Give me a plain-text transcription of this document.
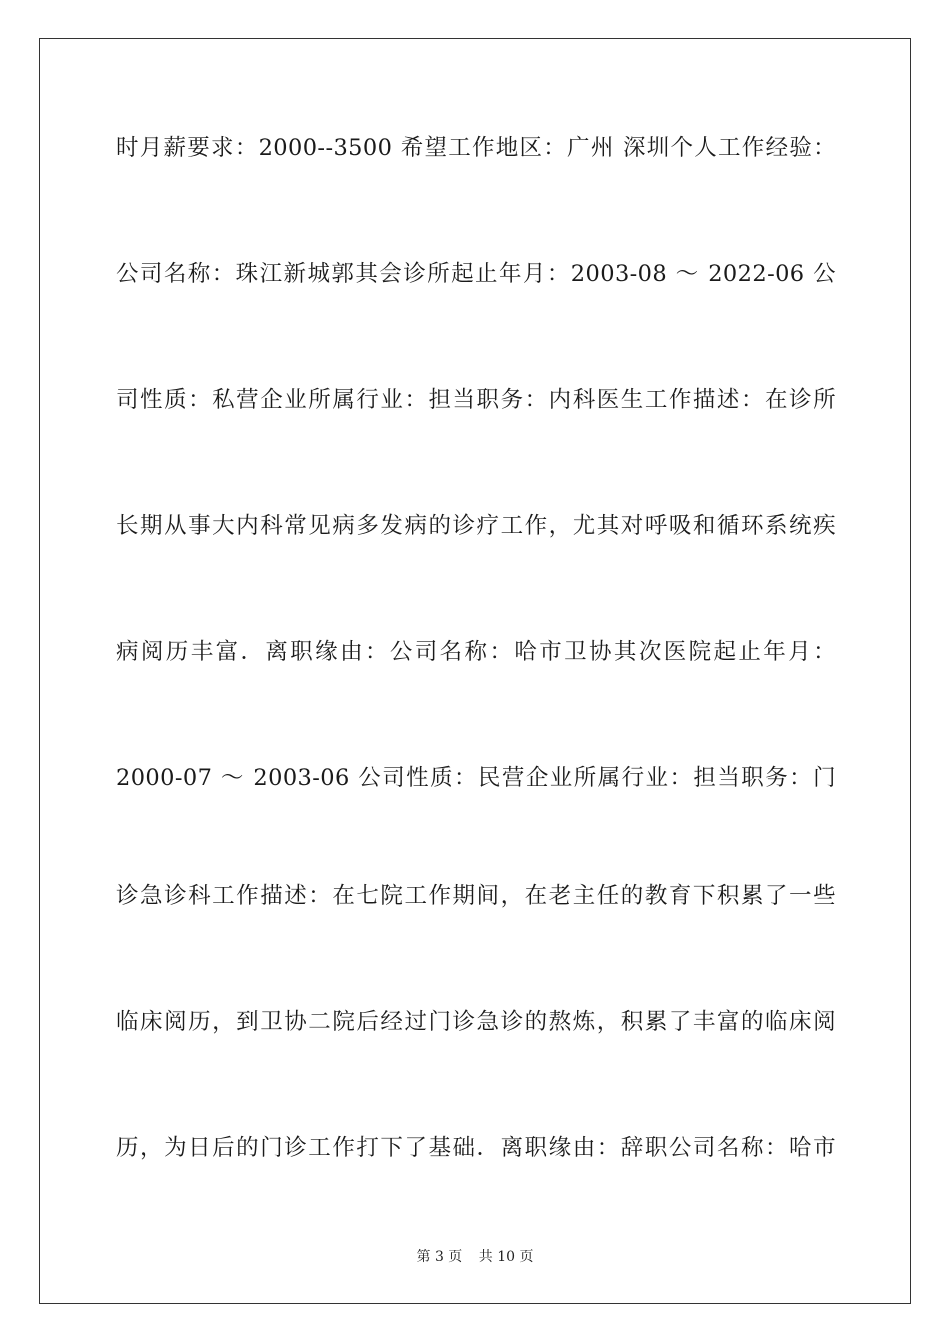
时月薪要求：2000--3500 希望工作地区：广州 深圳个人工作经验：
公司名称：珠江新城郭其会诊所起止年月：2003-08 ～ 2022-06 公
司性质：私营企业所属行业：担当职务：内科医生工作描述：在诊所
长期从事大内科常见病多发病的诊疗工作，尤其对呼吸和循环系统疾
病阅历丰富．离职缘由：公司名称：哈市卫协其次医院起止年月：
2000-07 ～ 2003-06 公司性质：民营企业所属行业：担当职务：门
诊急诊科工作描述：在七院工作期间，在老主任的教育下积累了一些
临床阅历，到卫协二院后经过门诊急诊的熬炼，积累了丰富的临床阅
历，为日后的门诊工作打下了基础．离职缘由：辞职公司名称：哈市
第 3 页 共 10 页
